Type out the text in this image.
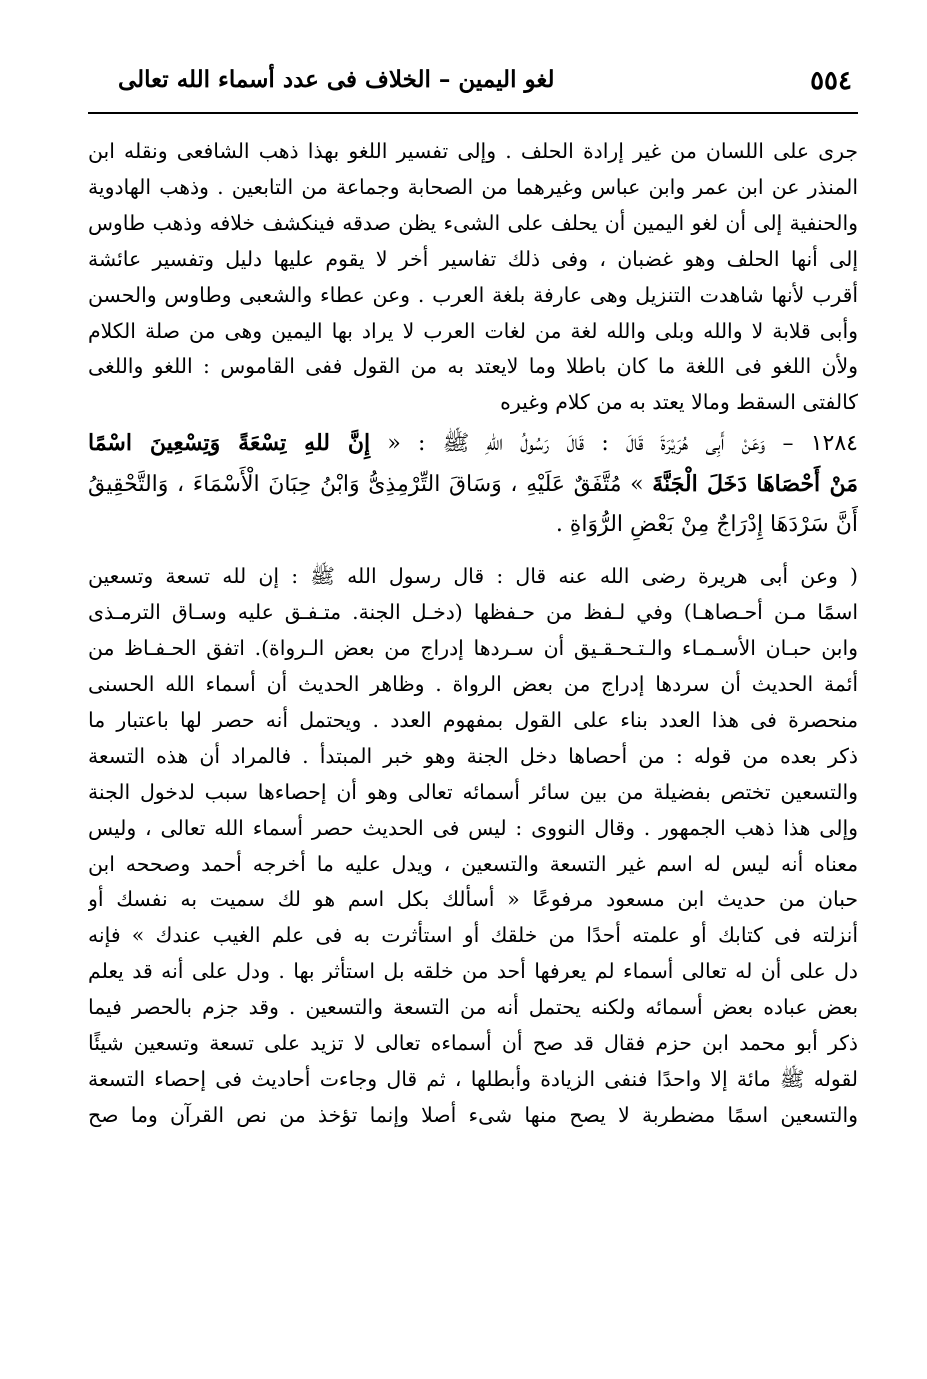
٥٥٤
لغو اليمين – الخلاف فى عدد أسماء الله تعالى

جرى على اللسان من غير إرادة الحلف . وإلى تفسير اللغو بهذا ذهب الشافعى ونقله ابن
المنذر عن ابن عمر وابن عباس وغيرهما من الصحابة وجماعة من التابعين . وذهب الهادوية
والحنفية إلى أن لغو اليمين أن يحلف على الشىء يظن صدقه فينكشف خلافه وذهب طاوس
إلى أنها الحلف وهو غضبان ، وفى ذلك تفاسير أخر لا يقوم عليها دليل وتفسير عائشة
أقرب لأنها شاهدت التنزيل وهى عارفة بلغة العرب . وعن عطاء والشعبى وطاوس والحسن
وأبى قلابة لا والله وبلى والله لغة من لغات العرب لا يراد بها اليمين وهى من صلة الكلام
ولأن اللغو فى اللغة ما كان باطلا وما لايعتد به من القول ففى القاموس : اللغو واللغى
كالفتى السقط ومالا يعتد به من كلام وغيره

١٢٨٤ – وَعَنْ أَبِى هُرَيْرَةَ قَالَ : قَالَ رَسُولُ اللهِ ﷺ : « إِنَّ للهِ تِسْعَةً وَتِسْعِينَ اسْمًا
مَنْ أَحْصَاهَا دَخَلَ الْجَنَّةَ » مُتَّفَقٌ عَلَيْهِ ، وَسَاقَ التِّرْمِذِىُّ وَابْنُ حِبَانَ الْأَسْمَاءَ ، وَالتَّحْقِيقُ
أَنَّ سَرْدَهَا إِدْرَاجٌ مِنْ بَعْضِ الرُّوَاةِ .

( وعن أبى هريرة رضى الله عنه قال : قال رسول الله ﷺ : إن لله تسعة وتسعين
اسمًا مـن أحـصاهـا) وفي لـفظ من حـفظها (دخـل الجنة. متـفـق عليه وسـاق الترمـذى
وابن حبـان الأسـمـاء والـتـحـقـيق أن سـردها إدراج من بعض الـرواة). اتفق الحـفـاظ من
أئمة الحديث أن سردها إدراج من بعض الرواة . وظاهر الحديث أن أسماء الله الحسنى
منحصرة فى هذا العدد بناء على القول بمفهوم العدد . ويحتمل أنه حصر لها باعتبار ما
ذكر بعده من قوله : من أحصاها دخل الجنة وهو خبر المبتدأ . فالمراد أن هذه التسعة
والتسعين تختص بفضيلة من بين سائر أسمائه تعالى وهو أن إحصاءها سبب لدخول الجنة
وإلى هذا ذهب الجمهور . وقال النووى : ليس فى الحديث حصر أسماء الله تعالى ، وليس
معناه أنه ليس له اسم غير التسعة والتسعين ، ويدل عليه ما أخرجه أحمد وصححه ابن
حبان من حديث ابن مسعود مرفوعًا « أسألك بكل اسم هو لك سميت به نفسك أو
أنزلته فى كتابك أو علمته أحدًا من خلقك أو استأثرت به فى علم الغيب عندك » فإنه
دل على أن له تعالى أسماء لم يعرفها أحد من خلقه بل استأثر بها . ودل على أنه قد يعلم
بعض عباده بعض أسمائه ولكنه يحتمل أنه من التسعة والتسعين . وقد جزم بالحصر فيما
ذكر أبو محمد ابن حزم فقال قد صح أن أسماءه تعالى لا تزيد على تسعة وتسعين شيئًا
لقوله ﷺ مائة إلا واحدًا فنفى الزيادة وأبطلها ، ثم قال وجاءت أحاديث فى إحصاء التسعة
والتسعين اسمًا مضطربة لا يصح منها شىء أصلا وإنما تؤخذ من نص القرآن وما صح
